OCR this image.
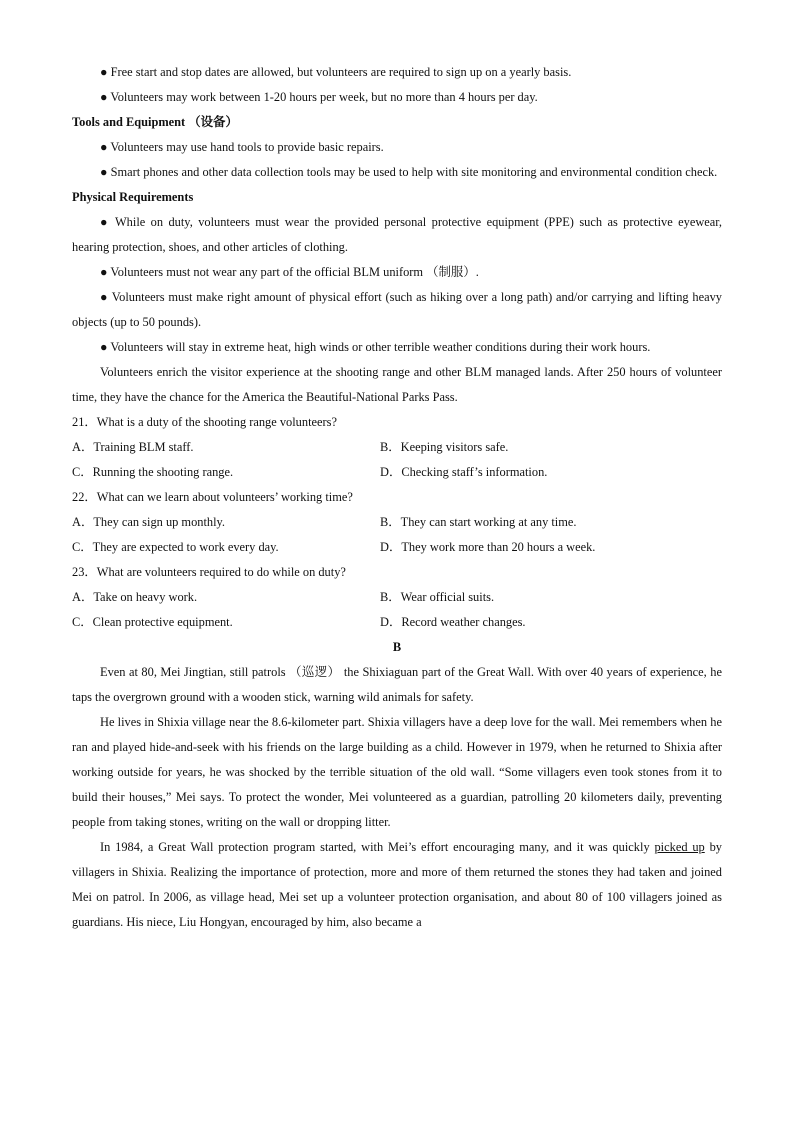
● Free start and stop dates are allowed, but volunteers are required to sign up on a yearly basis.
● Volunteers may work between 1-20 hours per week, but no more than 4 hours per day.
Tools and Equipment （设备）
● Volunteers may use hand tools to provide basic repairs.
● Smart phones and other data collection tools may be used to help with site monitoring and environmental condition check.
Physical Requirements
● While on duty, volunteers must wear the provided personal protective equipment (PPE) such as protective eyewear, hearing protection, shoes, and other articles of clothing.
● Volunteers must not wear any part of the official BLM uniform （制服）.
● Volunteers must make right amount of physical effort (such as hiking over a long path) and/or carrying and lifting heavy objects (up to 50 pounds).
● Volunteers will stay in extreme heat, high winds or other terrible weather conditions during their work hours.
Volunteers enrich the visitor experience at the shooting range and other BLM managed lands. After 250 hours of volunteer time, they have the chance for the America the Beautiful-National Parks Pass.
21．What is a duty of the shooting range volunteers?
A．Training BLM staff.	B．Keeping visitors safe.
C．Running the shooting range.	D．Checking staff’s information.
22．What can we learn about volunteers’ working time?
A．They can sign up monthly.	B．They can start working at any time.
C．They are expected to work every day.	D．They work more than 20 hours a week.
23．What are volunteers required to do while on duty?
A．Take on heavy work.	B．Wear official suits.
C．Clean protective equipment.	D．Record weather changes.
B
Even at 80, Mei Jingtian, still patrols （巡逻） the Shixiaguan part of the Great Wall. With over 40 years of experience, he taps the overgrown ground with a wooden stick, warning wild animals for safety.
He lives in Shixia village near the 8.6-kilometer part. Shixia villagers have a deep love for the wall. Mei remembers when he ran and played hide-and-seek with his friends on the large building as a child. However in 1979, when he returned to Shixia after working outside for years, he was shocked by the terrible situation of the old wall. “Some villagers even took stones from it to build their houses,” Mei says. To protect the wonder, Mei volunteered as a guardian, patrolling 20 kilometers daily, preventing people from taking stones, writing on the wall or dropping litter.
In 1984, a Great Wall protection program started, with Mei’s effort encouraging many, and it was quickly picked up by villagers in Shixia. Realizing the importance of protection, more and more of them returned the stones they had taken and joined Mei on patrol. In 2006, as village head, Mei set up a volunteer protection organisation, and about 80 of 100 villagers joined as guardians. His niece, Liu Hongyan, encouraged by him, also became a
